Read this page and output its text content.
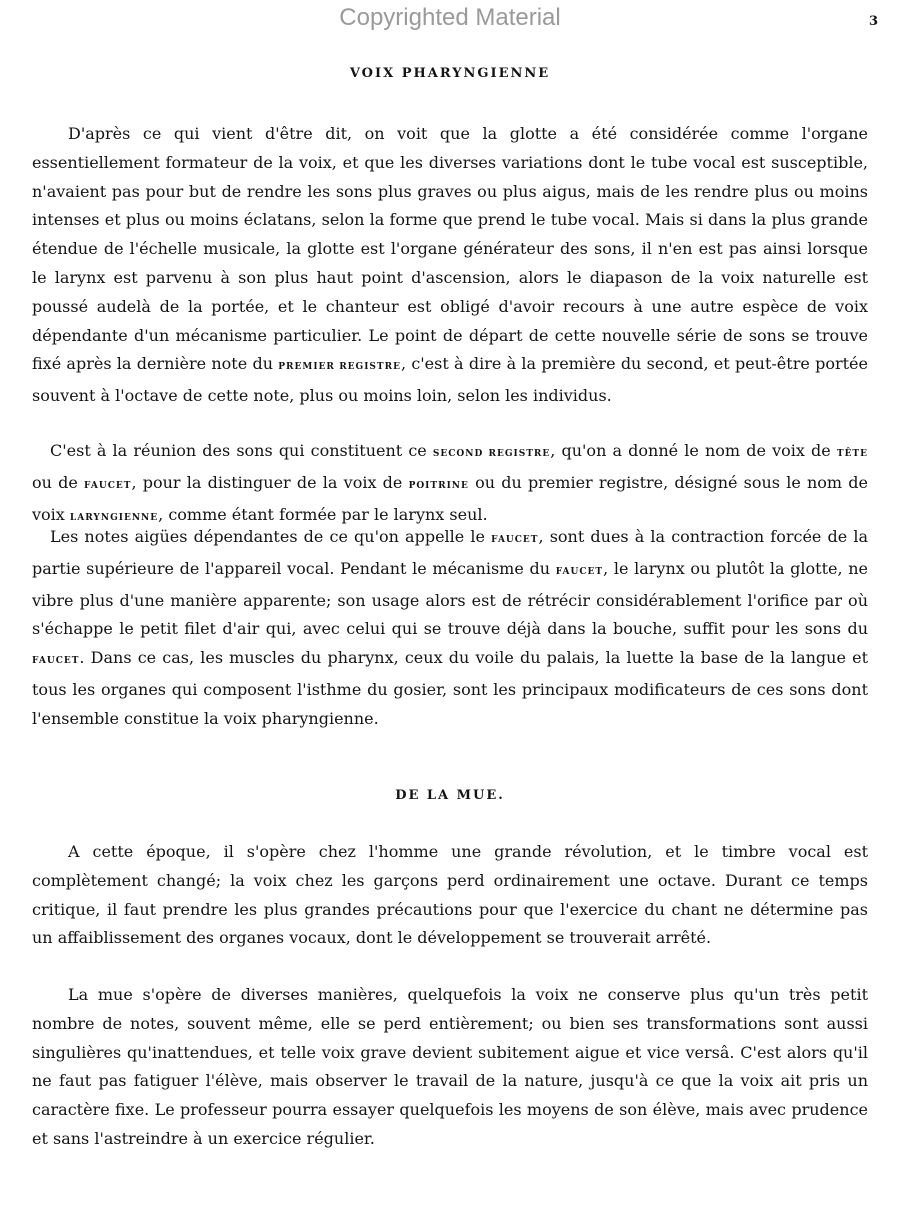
Copyrighted Material	3
VOIX PHARYNGIENNE

D'après ce qui vient d'être dit, on voit que la glotte a été considérée comme l'organe essentiellement formateur de la voix, et que les diverses variations dont le tube vocal est susceptible, n'avaient pas pour but de rendre les sons plus graves ou plus aigus, mais de les rendre plus ou moins intenses et plus ou moins éclatans, selon la forme que prend le tube vocal. Mais si dans la plus grande étendue de l'échelle musicale, la glotte est l'organe générateur des sons, il n'en est pas ainsi lorsque le larynx est parvenu à son plus haut point d'ascension, alors le diapason de la voix naturelle est poussé audelà de la portée, et le chanteur est obligé d'avoir recours à une autre espèce de voix dépendante d'un mécanisme particulier. Le point de départ de cette nouvelle série de sons se trouve fixé après la dernière note du PREMIER REGISTRE, c'est à dire à la première du second, et peut-être portée souvent à l'octave de cette note, plus ou moins loin, selon les individus.

C'est à la réunion des sons qui constituent ce SECOND REGISTRE, qu'on a donné le nom de voix de TÊTE ou de FAUCET, pour la distinguer de la voix de POITRINE ou du premier registre, désigné sous le nom de voix LARYNGIENNE, comme étant formée par le larynx seul.

Les notes aigües dépendantes de ce qu'on appelle le FAUCET, sont dues à la contraction forcée de la partie supérieure de l'appareil vocal. Pendant le mécanisme du FAUCET, le larynx ou plutôt la glotte, ne vibre plus d'une manière apparente; son usage alors est de rétrécir considérablement l'orifice par où s'échappe le petit filet d'air qui, avec celui qui se trouve déjà dans la bouche, suffit pour les sons du FAUCET. Dans ce cas, les muscles du pharynx, ceux du voile du palais, la luette la base de la langue et tous les organes qui composent l'isthme du gosier, sont les principaux modificateurs de ces sons dont l'ensemble constitue la voix pharyngienne.

DE LA MUE.

A cette époque, il s'opère chez l'homme une grande révolution, et le timbre vocal est complètement changé; la voix chez les garçons perd ordinairement une octave. Durant ce temps critique, il faut prendre les plus grandes précautions pour que l'exercice du chant ne détermine pas un affaiblissement des organes vocaux, dont le développement se trouverait arrêté.

La mue s'opère de diverses manières, quelquefois la voix ne conserve plus qu'un très petit nombre de notes, souvent même, elle se perd entièrement; ou bien ses transformations sont aussi singulières qu'inattendues, et telle voix grave devient subitement aigue et vice versâ. C'est alors qu'il ne faut pas fatiguer l'élève, mais observer le travail de la nature, jusqu'à ce que la voix ait pris un caractère fixe. Le professeur pourra essayer quelquefois les moyens de son élève, mais avec prudence et sans l'astreindre à un exercice régulier.
